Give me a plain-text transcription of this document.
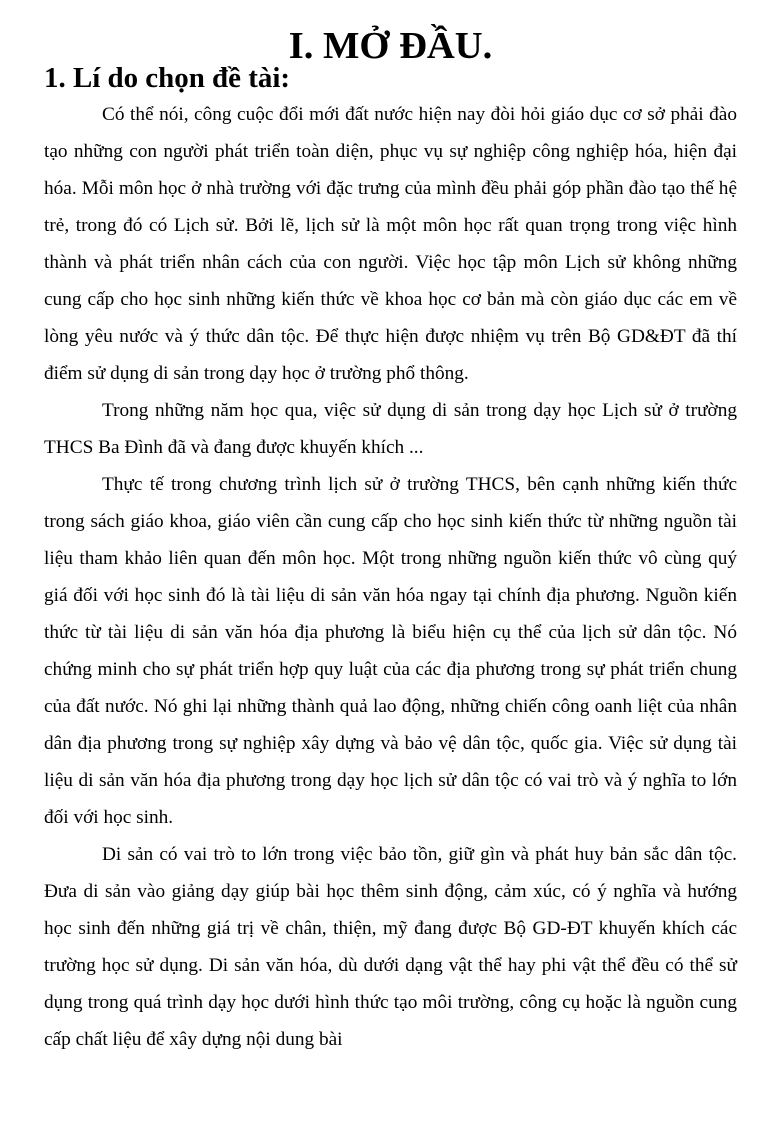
I. MỞ ĐẦU.
1. Lí do chọn đề tài:

Có thể nói, công cuộc đổi mới đất nước hiện nay đòi hỏi giáo dục cơ sở phải đào tạo những con người phát triển toàn diện, phục vụ sự nghiệp công nghiệp hóa, hiện đại hóa. Mỗi môn học ở nhà trường với đặc trưng của mình đều phải góp phần đào tạo thế hệ trẻ, trong đó có Lịch sử. Bởi lẽ, lịch sử là một môn học rất quan trọng trong việc hình thành và phát triển nhân cách của con người. Việc học tập môn Lịch sử không những cung cấp cho học sinh những kiến thức về khoa học cơ bản mà còn giáo dục các em về lòng yêu nước và ý thức dân tộc. Để thực hiện được nhiệm vụ trên Bộ GD&ĐT đã thí điểm sử dụng di sản trong dạy học ở trường phổ thông.

Trong những năm học qua, việc sử dụng di sản trong dạy học Lịch sử ở trường THCS Ba Đình đã và đang được khuyến khích ...

Thực tế trong chương trình lịch sử ở trường THCS, bên cạnh những kiến thức trong sách giáo khoa, giáo viên cần cung cấp cho học sinh kiến thức từ những nguồn tài liệu tham khảo liên quan đến môn học. Một trong những nguồn kiến thức vô cùng quý giá đối với học sinh đó là tài liệu di sản văn hóa ngay tại chính địa phương. Nguồn kiến thức từ tài liệu di sản văn hóa địa phương là biểu hiện cụ thể của lịch sử dân tộc. Nó chứng minh cho sự phát triển hợp quy luật của các địa phương trong sự phát triển chung của đất nước. Nó ghi lại những thành quả lao động, những chiến công oanh liệt của nhân dân địa phương trong sự nghiệp xây dựng và bảo vệ dân tộc, quốc gia. Việc sử dụng tài liệu di sản văn hóa địa phương trong dạy học lịch sử dân tộc có vai trò và ý nghĩa to lớn đối với học sinh.

Di sản có vai trò to lớn trong việc bảo tồn, giữ gìn và phát huy bản sắc dân tộc. Đưa di sản vào giảng dạy giúp bài học thêm sinh động, cảm xúc, có ý nghĩa và hướng học sinh đến những giá trị về chân, thiện, mỹ đang được Bộ GD-ĐT khuyến khích các trường học sử dụng. Di sản văn hóa, dù dưới dạng vật thể hay phi vật thể đều có thể sử dụng trong quá trình dạy học dưới hình thức tạo môi trường, công cụ hoặc là nguồn cung cấp chất liệu để xây dựng nội dung bài
